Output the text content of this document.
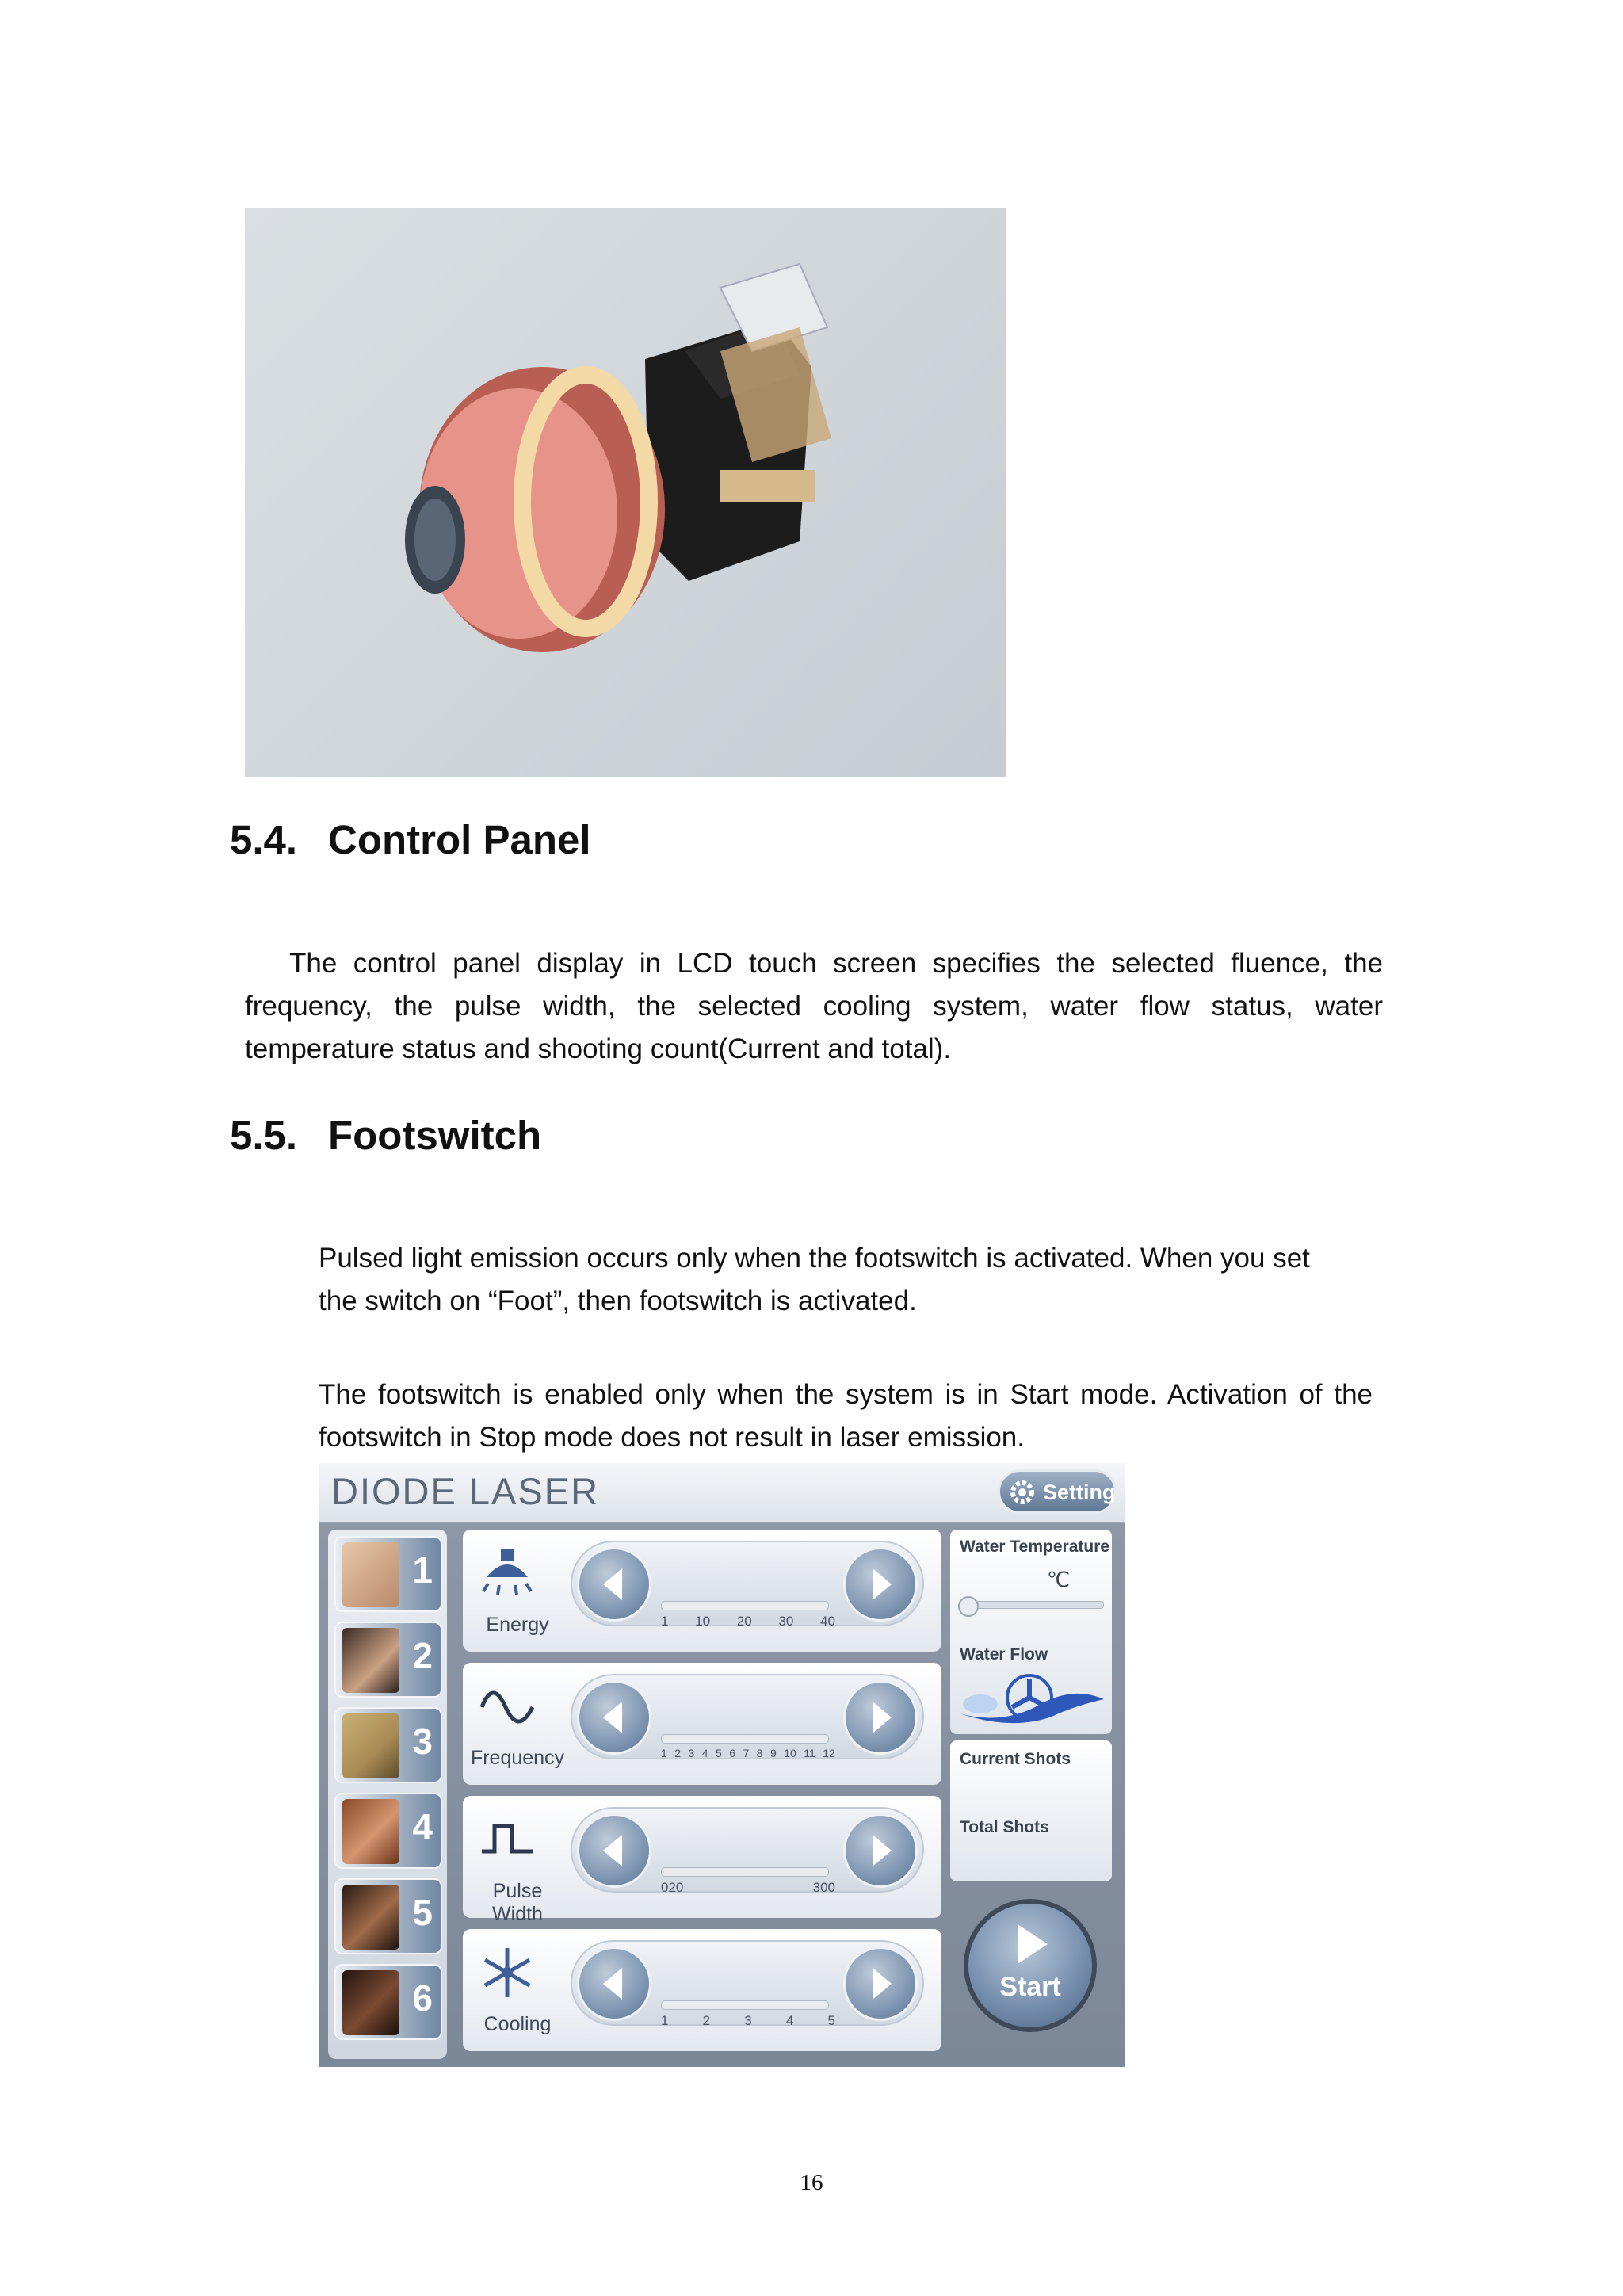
5.4. Control Panel

The control panel display in LCD touch screen specifies the selected fluence, the frequency, the pulse width, the selected cooling system, water flow status, water temperature status and shooting count(Current and total).

5.5. Footswitch

Pulsed light emission occurs only when the footswitch is activated. When you set the switch on “Foot”, then footswitch is activated.

The footswitch is enabled only when the system is in Start mode. Activation of the footswitch in Stop mode does not result in laser emission.

DIODE LASER	Setting
1
2
3
4
5
6
Energy	1 10 20 30 40
Frequency	1 2 3 4 5 6 7 8 9 10 11 12
Pulse Width
020	300
Cooling	1	2	3	4	5
Water Temperature
℃
Water Flow
Current Shots
Total Shots
Start
16
